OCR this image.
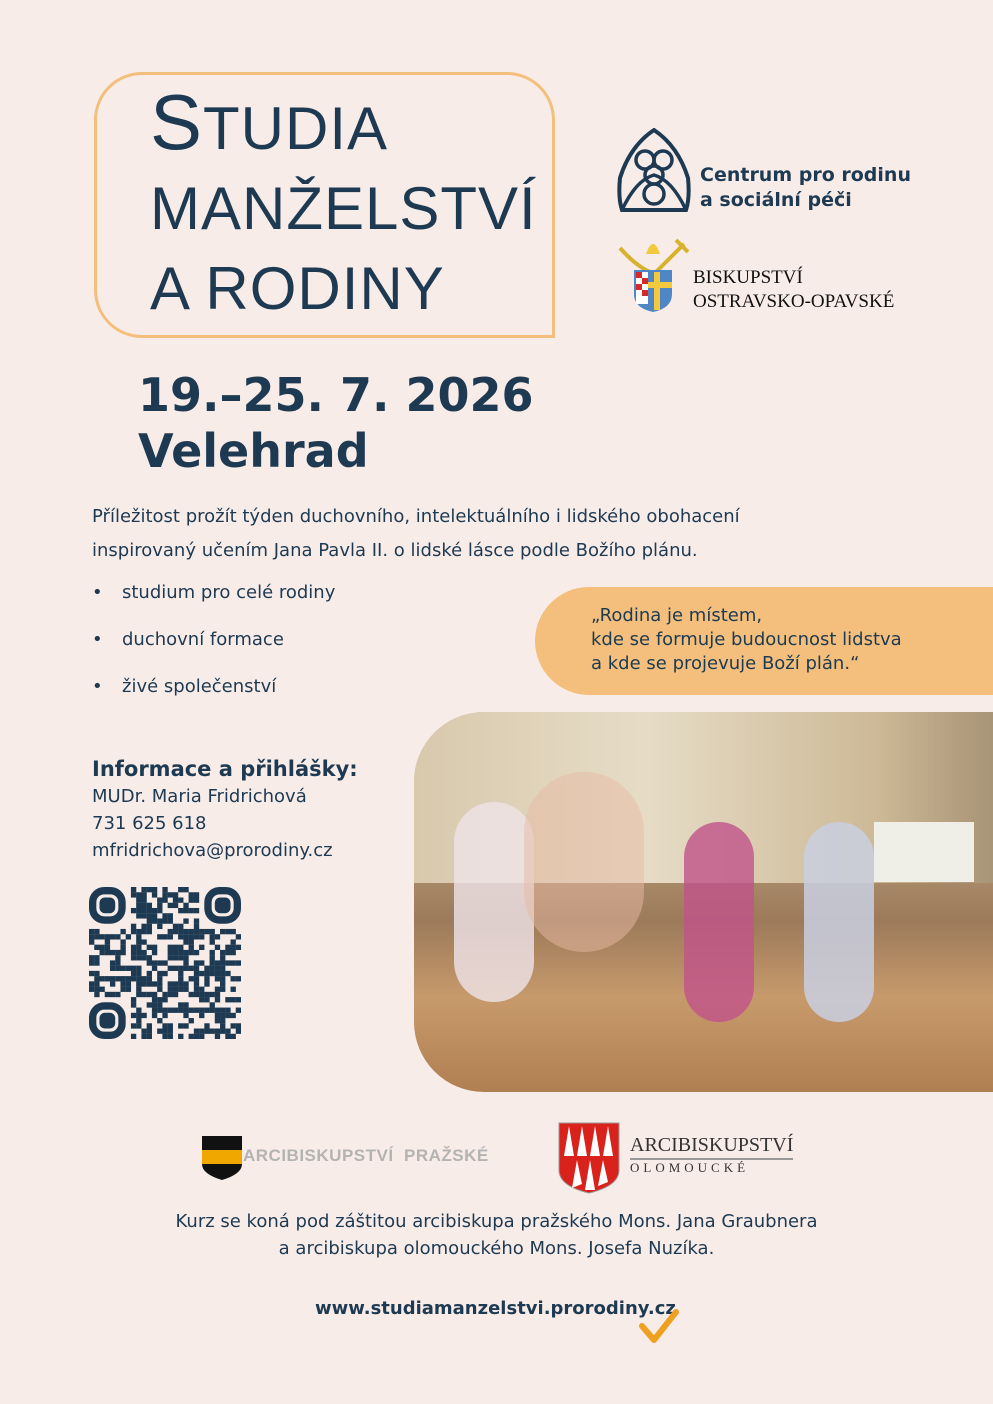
STUDIA
MANŽELSTVÍ
A RODINY
Centrum pro rodinu
a sociální péči
BISKUPSTVÍ
OSTRAVSKO-OPAVSKÉ
19.–25. 7. 2026
Velehrad
Příležitost prožít týden duchovního, intelektuálního i lidského obohacení
inspirovaný učením Jana Pavla II. o lidské lásce podle Božího plánu.
• studium pro celé rodiny
• duchovní formace
• živé společenství
„Rodina je místem,
kde se formuje budoucnost lidstva
a kde se projevuje Boží plán.“
Informace a přihlášky:
MUDr. Maria Fridrichová
731 625 618
mfridrichova@prorodiny.cz
ARCIBISKUPSTVÍ  PRAŽSKÉ	ARCIBISKUPSTVÍ
OLOMOUCKÉ
Kurz se koná pod záštitou arcibiskupa pražského Mons. Jana Graubnera
a arcibiskupa olomouckého Mons. Josefa Nuzíka.
www.studiamanzelstvi.prorodiny.cz
